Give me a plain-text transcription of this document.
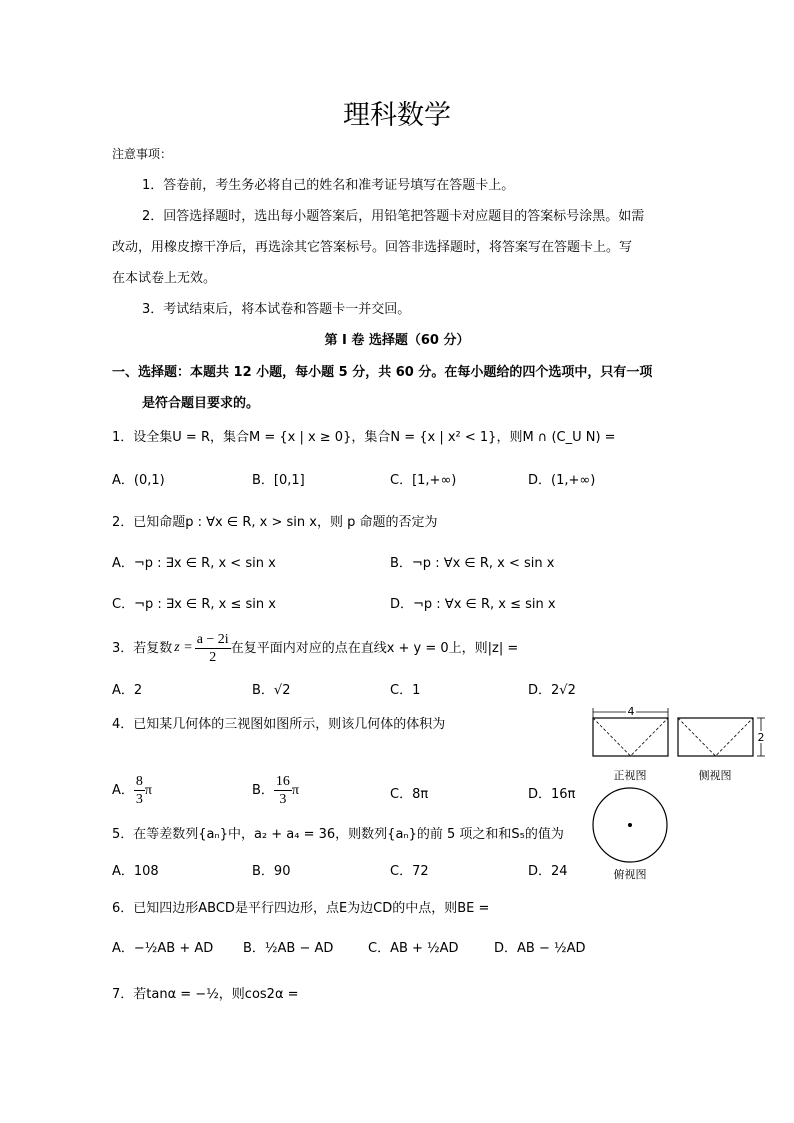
理科数学
注意事项：
1．答卷前，考生务必将自己的姓名和准考证号填写在答题卡上。
2．回答选择题时，选出每小题答案后，用铅笔把答题卡对应题目的答案标号涂黑。如需
改动，用橡皮擦干净后，再选涂其它答案标号。回答非选择题时，将答案写在答题卡上。写
在本试卷上无效。
3．考试结束后，将本试卷和答题卡一并交回。
第 I 卷 选择题（60 分）
一、选择题：本题共 12 小题，每小题 5 分，共 60 分。在每小题给的四个选项中，只有一项
是符合题目要求的。
1．设全集U = R，集合M = {x | x ≥ 0}，集合N = {x | x² < 1}，则M ∩ (C_U N) =
A．(0,1)	B．[0,1]	C．[1,+∞)	D．(1,+∞)
2．已知命题p : ∀x ∈ R, x > sin x，则 p 命题的否定为
A．¬p : ∃x ∈ R, x < sin x	B．¬p : ∀x ∈ R, x < sin x
C．¬p : ∃x ∈ R, x ≤ sin x	D．¬p : ∀x ∈ R, x ≤ sin x
3．若复数 $z = \frac{a - 2i}{2}$ 在复平面内对应的点在直线x + y = 0上，则|z| =
A．2	B．√2	C．1	D．2√2
4．已知某几何体的三视图如图所示，则该几何体的体积为
A． $\frac{8}{3}$ π	B． $\frac{16}{3}$ π	C．8π	D．16π
4
正视图	侧视图
2
俯视图
5．在等差数列{aₙ}中，a₂ + a₄ = 36，则数列{aₙ}的前 5 项之和和S₅的值为
A．108	B．90	C．72	D．24
6．已知四边形ABCD是平行四边形，点E为边CD的中点，则BE =
A．−½AB + AD B．½AB − AD	C．AB + ½AD	D．AB − ½AD
7．若tanα = −½，则cos2α =
